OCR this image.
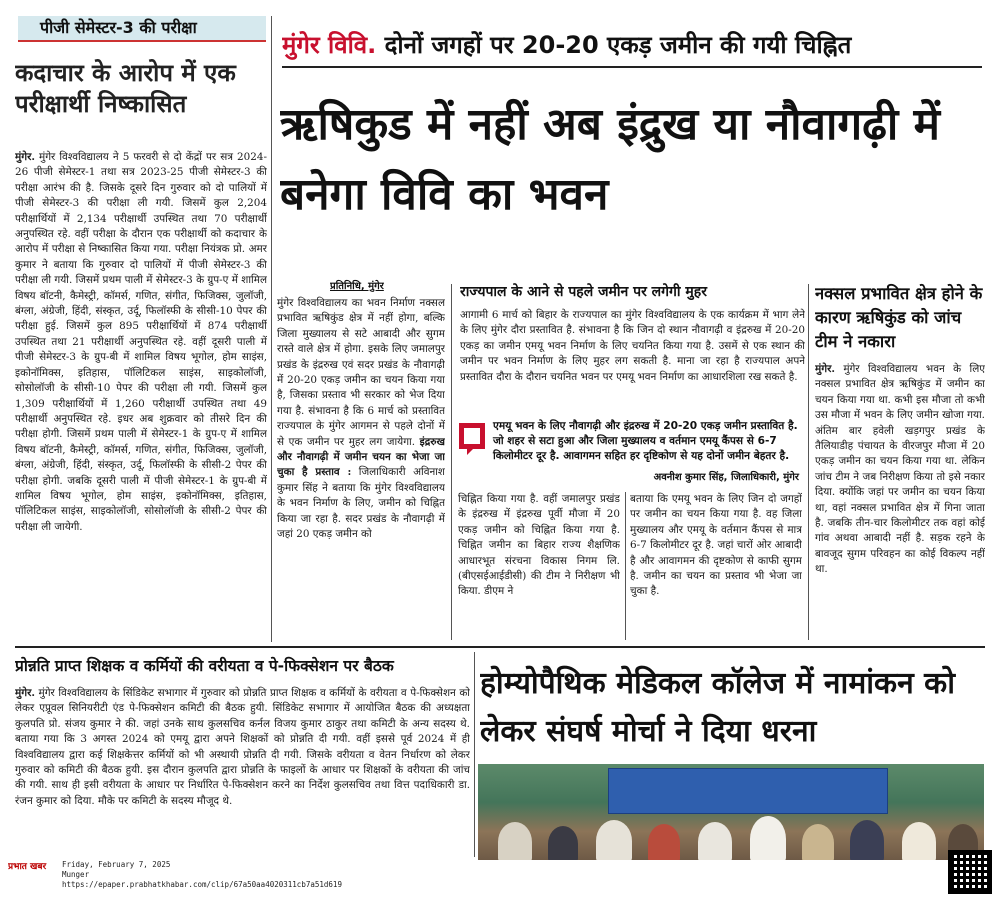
पीजी सेमेस्टर-3 की परीक्षा
कदाचार के आरोप में एक परीक्षार्थी निष्कासित
मुंगेर. मुंगेर विश्वविद्यालय ने 5 फरवरी से दो केंद्रों पर सत्र 2024-26 पीजी सेमेस्टर-1 तथा सत्र 2023-25 पीजी सेमेस्टर-3 की परीक्षा आरंभ की है. जिसके दूसरे दिन गुरुवार को दो पालियों में पीजी सेमेस्टर-3 की परीक्षा ली गयी. जिसमें कुल 2,204 परीक्षार्थियों में 2,134 परीक्षार्थी उपस्थित तथा 70 परीक्षार्थी अनुपस्थित रहे. वहीं परीक्षा के दौरान एक परीक्षार्थी को कदाचार के आरोप में परीक्षा से निष्कासित किया गया. परीक्षा नियंत्रक प्रो. अमर कुमार ने बताया कि गुरुवार दो पालियों में पीजी सेमेस्टर-3 की परीक्षा ली गयी. जिसमें प्रथम पाली में सेमेस्टर-3 के ग्रुप-ए में शामिल विषय बॉटनी, कैमेस्ट्री, कॉमर्स, गणित, संगीत, फिजिक्स, जुलॉजी, बंग्ला, अंग्रेजी, हिंदी, संस्कृत, उर्दू, फिलॉस्फी के सीसी-10 पेपर की परीक्षा हुई. जिसमें कुल 895 परीक्षार्थियों में 874 परीक्षार्थी उपस्थित तथा 21 परीक्षार्थी अनुपस्थित रहे. वहीं दूसरी पाली में पीजी सेमेस्टर-3 के ग्रुप-बी में शामिल विषय भूगोल, होम साइंस, इकोनॉमिक्स, इतिहास, पॉलिटिकल साइंस, साइकोलॉजी, सोसोलॉजी के सीसी-10 पेपर की परीक्षा ली गयी. जिसमें कुल 1,309 परीक्षार्थियों में 1,260 परीक्षार्थी उपस्थित तथा 49 परीक्षार्थी अनुपस्थित रहे. इधर अब शुक्रवार को तीसरे दिन की परीक्षा होगी. जिसमें प्रथम पाली में सेमेस्टर-1 के ग्रुप-ए में शामिल विषय बॉटनी, कैमेस्ट्री, कॉमर्स, गणित, संगीत, फिजिक्स, जुलॉजी, बंग्ला, अंग्रेजी, हिंदी, संस्कृत, उर्दू, फिलॉस्फी के सीसी-2 पेपर की परीक्षा होगी. जबकि दूसरी पाली में पीजी सेमेस्टर-1 के ग्रुप-बी में शामिल विषय भूगोल, होम साइंस, इकोनॉमिक्स, इतिहास, पॉलिटिकल साइंस, साइकोलॉजी, सोसोलॉजी के सीसी-2 पेपर की परीक्षा ली जायेगी.
मुंगेर विवि. दोनों जगहों पर 20-20 एकड़ जमीन की गयी चिह्नित
ऋषिकुड में नहीं अब इंद्रुख या नौवागढ़ी में बनेगा विवि का भवन
प्रतिनिधि, मुंगेर
मुंगेर विश्वविद्यालय का भवन निर्माण नक्सल प्रभावित ऋषिकुंड क्षेत्र में नहीं होगा, बल्कि जिला मुख्यालय से सटे आबादी और सुगम रास्ते वाले क्षेत्र में होगा. इसके लिए जमालपुर प्रखंड के इंद्ररुख एवं सदर प्रखंड के नौवागढ़ी में 20-20 एकड़ जमीन का चयन किया गया है, जिसका प्रस्ताव भी सरकार को भेज दिया गया है. संभावना है कि 6 मार्च को प्रस्तावित राज्यपाल के मुंगेर आगमन से पहले दोनों में से एक जमीन पर मुहर लग जायेगा. इंद्ररुख और नौवागढ़ी में जमीन चयन का भेजा जा चुका है प्रस्ताव : जिलाधिकारी अविनाश कुमार सिंह ने बताया कि मुंगेर विश्वविद्यालय के भवन निर्माण के लिए, जमीन को चिह्नित किया जा रहा है. सदर प्रखंड के नौवागढ़ी में जहां 20 एकड़ जमीन को
राज्यपाल के आने से पहले जमीन पर लगेगी मुहर
आगामी 6 मार्च को बिहार के राज्यपाल का मुंगेर विश्वविद्यालय के एक कार्यक्रम में भाग लेने के लिए मुंगेर दौरा प्रस्तावित है. संभावना है कि जिन दो स्थान नौवागढ़ी व इंद्ररुख में 20-20 एकड़ का जमीन एमयू भवन निर्माण के लिए चयनित किया गया है. उसमें से एक स्थान की जमीन पर भवन निर्माण के लिए मुहर लग सकती है. माना जा रहा है राज्यपाल अपने प्रस्तावित दौरा के दौरान चयनित भवन पर एमयू भवन निर्माण का आधारशिला रख सकते है.
एमयू भवन के लिए नौवागढ़ी और इंद्ररुख में 20-20 एकड़ जमीन प्रस्तावित है. जो शहर से सटा हुआ और जिला मुख्यालय व वर्तमान एमयू कैंपस से 6-7 किलोमीटर दूर है. आवागमन सहित हर दृष्टिकोण से यह दोनों जमीन बेहतर है.
अवनीश कुमार सिंह, जिलाधिकारी, मुंगेर
चिह्नित किया गया है. वहीं जमालपुर प्रखंड के इंद्ररुख में इंद्ररुख पूर्वी मौजा में 20 एकड़ जमीन को चिह्नित किया गया है. चिह्नित जमीन का बिहार राज्य शैक्षणिक आधारभूत संरचना विकास निगम लि. (बीएसईआईडीसी) की टीम ने निरीक्षण भी किया. डीएम ने
बताया कि एमयू भवन के लिए जिन दो जगहों पर जमीन का चयन किया गया है. वह जिला मुख्यालय और एमयू के वर्तमान कैंपस से मात्र 6-7 किलोमीटर दूर है. जहां चारों ओर आबादी है और आवागमन की दृष्टकोण से काफी सुगम है. जमीन का चयन का प्रस्ताव भी भेजा जा चुका है.
नक्सल प्रभावित क्षेत्र होने के कारण ऋषिकुंड को जांच टीम ने नकारा
मुंगेर. मुंगेर विश्वविद्यालय भवन के लिए नक्सल प्रभावित क्षेत्र ऋषिकुंड में जमीन का चयन किया गया था. कभी इस मौजा तो कभी उस मौजा में भवन के लिए जमीन खोजा गया. अंतिम बार हवेली खड़गपुर प्रखंड के तैलियाडीह पंचायत के वीरजपुर मौजा में 20 एकड़ जमीन का चयन किया गया था. लेकिन जांच टीम ने जब निरीक्षण किया तो इसे नकार दिया. क्योंकि जहां पर जमीन का चयन किया था, वहां नक्सल प्रभावित क्षेत्र में गिना जाता है. जबकि तीन-चार किलोमीटर तक वहां कोई गांव अथवा आबादी नहीं है. सड़क रहने के बावजूद सुगम परिवहन का कोई विकल्प नहीं था.
प्रोन्नति प्राप्त शिक्षक व कर्मियों की वरीयता व पे-फिक्सेशन पर बैठक
मुंगेर. मुंगेर विश्वविद्यालय के सिंडिकेट सभागार में गुरुवार को प्रोन्नति प्राप्त शिक्षक व कर्मियों के वरीयता व पे-फिक्सेशन को लेकर एप्रूवल सिनियरीटी एंड पे-फिक्सेशन कमिटी की बैठक हुयी. सिंडिकेट सभागार में आयोजित बैठक की अध्यक्षता कुलपति प्रो. संजय कुमार ने की. जहां उनके साथ कुलसचिव कर्नल विजय कुमार ठाकुर तथा कमिटी के अन्य सदस्य थे. बताया गया कि 3 अगस्त 2024 को एमयू द्वारा अपने शिक्षकों को प्रोन्नति दी गयी. वहीं इससे पूर्व 2024 में ही विश्वविद्यालय द्वारा कई शिक्षकेत्तर कर्मियों को भी अस्थायी प्रोन्नति दी गयी. जिसके वरीयता व वेतन निर्धारण को लेकर गुरुवार को कमिटी की बैठक हुयी. इस दौरान कुलपति द्वारा प्रोन्नति के फाइलों के आधार पर शिक्षकों के वरीयता की जांच की गयी. साथ ही इसी वरीयता के आधार पर निर्धारित पे-फिक्सेशन करने का निर्देश कुलसचिव तथा वित्त पदाधिकारी डा. रंजन कुमार को दिया. मौके पर कमिटी के सदस्य मौजूद थे.
होम्योपैथिक मेडिकल कॉलेज में नामांकन को लेकर संघर्ष मोर्चा ने दिया धरना
प्रभात खबर	Friday, February 7, 2025
Munger
https://epaper.prabhatkhabar.com/clip/67a50aa4020311cb7a51d619
